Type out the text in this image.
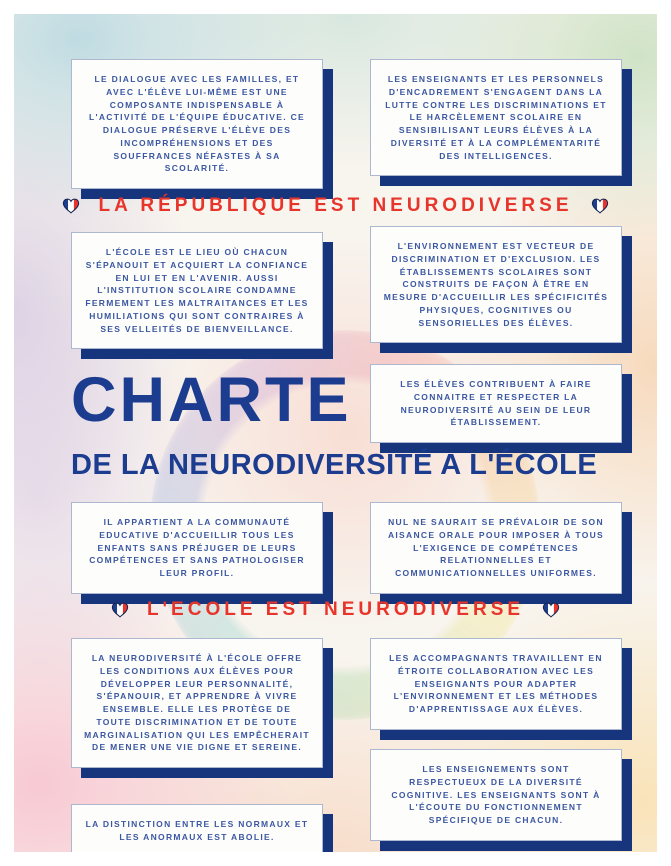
LE DIALOGUE AVEC LES FAMILLES, ET AVEC L'ÉLÈVE LUI-MÊME EST UNE COMPOSANTE INDISPENSABLE À L'ACTIVITÉ DE L'ÉQUIPE ÉDUCATIVE. CE DIALOGUE PRÉSERVE L'ÉLÈVE DES INCOMPRÉHENSIONS ET DES SOUFFRANCES NÉFASTES À SA SCOLARITÉ.

LES ENSEIGNANTS ET LES PERSONNELS D'ENCADREMENT S'ENGAGENT DANS LA LUTTE CONTRE LES DISCRIMINATIONS ET LE HARCÈLEMENT SCOLAIRE EN SENSIBILISANT LEURS ÉLÈVES À LA DIVERSITÉ ET À LA COMPLÉMENTARITÉ DES INTELLIGENCES.

LA RÉPUBLIQUE EST NEURODIVERSE

L'ÉCOLE EST LE LIEU OÙ CHACUN S'ÉPANOUIT ET ACQUIERT LA CONFIANCE EN LUI ET EN L'AVENIR. AUSSI L'INSTITUTION SCOLAIRE CONDAMNE FERMEMENT LES MALTRAITANCES ET LES HUMILIATIONS QUI SONT CONTRAIRES À SES VELLEITÉS DE BIENVEILLANCE.

L'ENVIRONNEMENT EST VECTEUR DE DISCRIMINATION ET D'EXCLUSION. LES ÉTABLISSEMENTS SCOLAIRES SONT CONSTRUITS DE FAÇON À ÊTRE EN MESURE D'ACCUEILLIR LES SPÉCIFICITÉS PHYSIQUES, COGNITIVES OU SENSORIELLES DES ÉLÈVES.

LES ÉLÈVES CONTRIBUENT À FAIRE CONNAITRE ET RESPECTER LA NEURODIVERSITÉ AU SEIN DE LEUR ÉTABLISSEMENT.

CHARTE
DE LA NEURODIVERSITÉ A L'ÉCOLE

IL APPARTIENT A LA COMMUNAUTÉ EDUCATIVE D'ACCUEILLIR TOUS LES ENFANTS SANS PRÉJUGER DE LEURS COMPÉTENCES ET SANS PATHOLOGISER LEUR PROFIL.

NUL NE SAURAIT SE PRÉVALOIR DE SON AISANCE ORALE POUR IMPOSER À TOUS L'EXIGENCE DE COMPÉTENCES RELATIONNELLES ET COMMUNICATIONNELLES UNIFORMES.

L'ECOLE EST NEURODIVERSE

LA NEURODIVERSITÉ À L'ÉCOLE OFFRE LES CONDITIONS AUX ÉLÈVES POUR DÉVELOPPER LEUR PERSONNALITÉ, S'ÉPANOUIR, ET APPRENDRE À VIVRE ENSEMBLE. ELLE LES PROTÈGE DE TOUTE DISCRIMINATION ET DE TOUTE MARGINALISATION QUI LES EMPÊCHERAIT DE MENER UNE VIE DIGNE ET SEREINE.

LES ACCOMPAGNANTS TRAVAILLENT EN ÉTROITE COLLABORATION AVEC LES ENSEIGNANTS POUR ADAPTER L'ENVIRONNEMENT ET LES MÉTHODES D'APPRENTISSAGE AUX ÉLÈVES.

LES ENSEIGNEMENTS SONT RESPECTUEUX DE LA DIVERSITÉ COGNITIVE. LES ENSEIGNANTS SONT À L'ÉCOUTE DU FONCTIONNEMENT SPÉCIFIQUE DE CHACUN.

LA DISTINCTION ENTRE LES NORMAUX ET LES ANORMAUX EST ABOLIE.
